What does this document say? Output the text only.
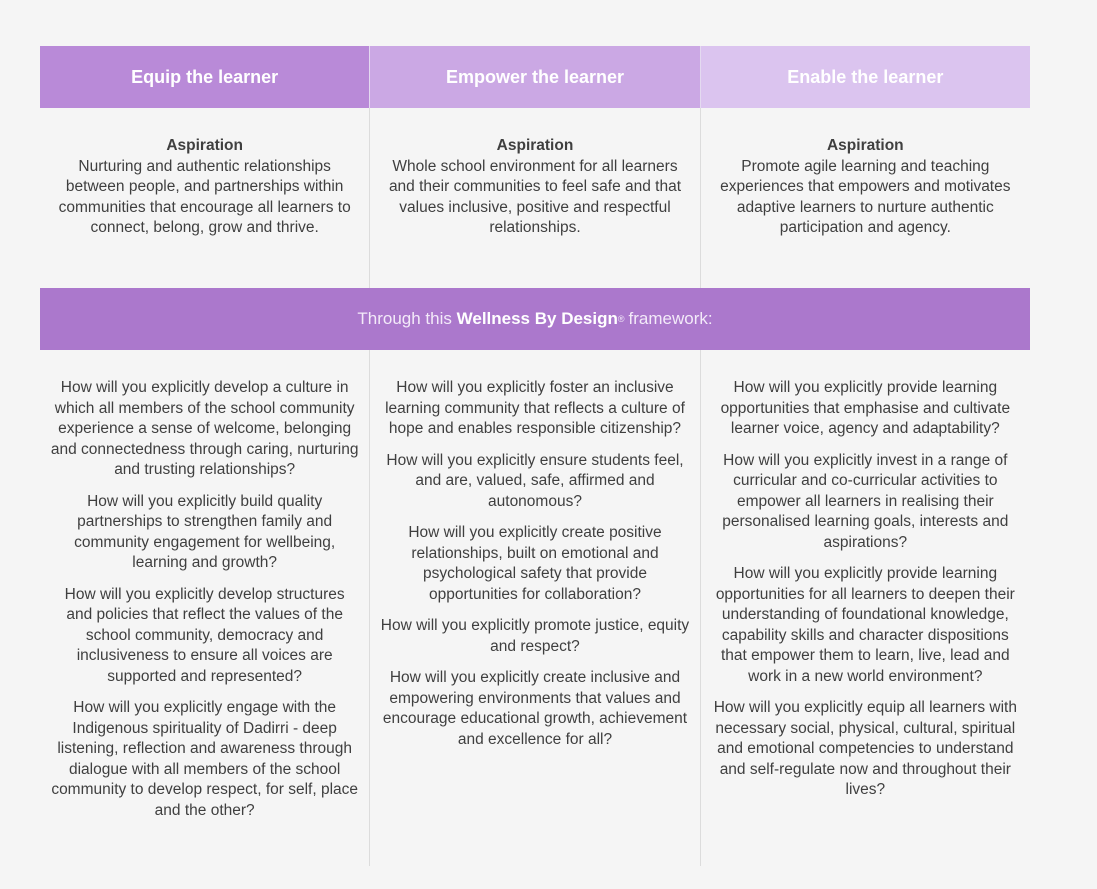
Equip the learner	Empower the learner	Enable the learner
Aspiration
Nurturing and authentic relationships between people, and partnerships within communities that encourage all learners to connect, belong, grow and thrive.
Aspiration
Whole school environment for all learners and their communities to feel safe and that values inclusive, positive and respectful relationships.
Aspiration
Promote agile learning and teaching experiences that empowers and motivates adaptive learners to nurture authentic participation and agency.
Through this
Wellness By Design ® framework:

How will you explicitly develop a culture in which all members of the school community experience a sense of welcome, belonging and connectedness through caring, nurturing and trusting relationships?

How will you explicitly build quality partnerships to strengthen family and community engagement for wellbeing, learning and growth?

How will you explicitly develop structures and policies that reflect the values of the school community, democracy and inclusiveness to ensure all voices are supported and represented?

How will you explicitly engage with the Indigenous spirituality of Dadirri - deep listening, reflection and awareness through dialogue with all members of the school community to develop respect, for self, place and the other?

How will you explicitly foster an inclusive learning community that reflects a culture of hope and enables responsible citizenship?

How will you explicitly ensure students feel, and are, valued, safe, affirmed and autonomous?

How will you explicitly create positive relationships, built on emotional and psychological safety that provide opportunities for collaboration?

How will you explicitly promote justice, equity and respect?

How will you explicitly create inclusive and empowering environments that values and encourage educational growth, achievement and excellence for all?

How will you explicitly provide learning opportunities that emphasise and cultivate learner voice, agency and adaptability?

How will you explicitly invest in a range of curricular and co-curricular activities to empower all learners in realising their personalised learning goals, interests and aspirations?

How will you explicitly provide learning opportunities for all learners to deepen their understanding of foundational knowledge, capability skills and character dispositions that empower them to learn, live, lead and work in a new world environment?

How will you explicitly equip all learners with necessary social, physical, cultural, spiritual and emotional competencies to understand and self-regulate now and throughout their lives?
